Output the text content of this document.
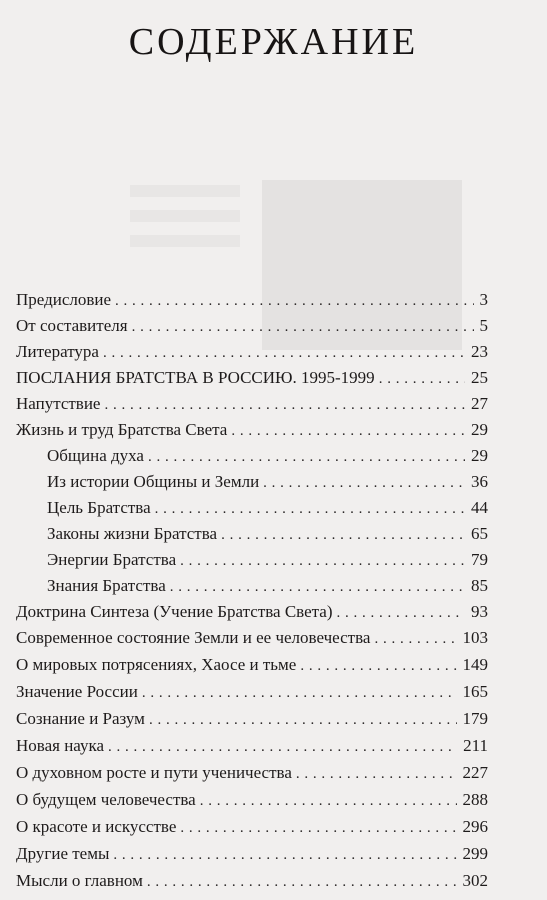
СОДЕРЖАНИЕ
Предисловие . . .	3
От составителя . . .	5
Литература . . .	23
ПОСЛАНИЯ БРАТСТВА В РОССИЮ. 1995-1999 . . .	25
Напутствие . . .	27
Жизнь и труд Братства Света . . .	29
Община духа . . .	29
Из истории Общины и Земли . . .	36
Цель Братства . . .	44
Законы жизни Братства . . .	65
Энергии Братства . . .	79
Знания Братства . . .	85
Доктрина Синтеза (Учение Братства Света) . . .	93
Современное состояние Земли и ее человечества . . .	103
О мировых потрясениях, Хаосе и тьме . . .	149
Значение России . . .	165
Сознание и Разум . . .	179
Новая наука . . .	211
О духовном росте и пути ученичества . . .	227
О будущем человечества . . .	288
О красоте и искусстве . . .	296
Другие темы . . .	299
Мысли о главном . . .	302
